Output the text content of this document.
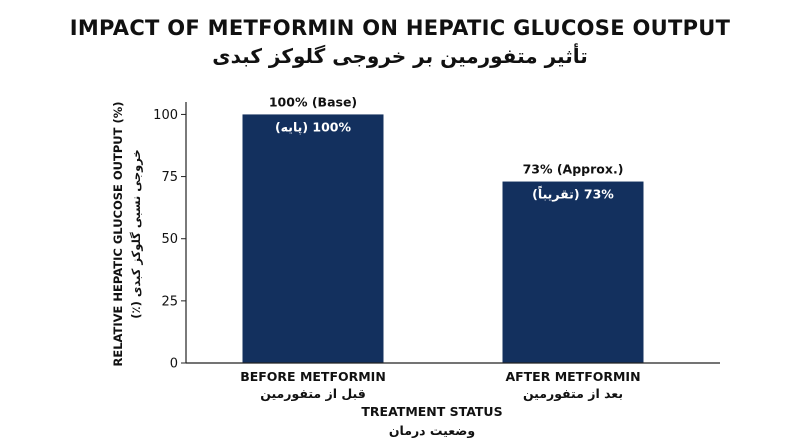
IMPACT OF METFORMIN ON HEPATIC GLUCOSE OUTPUT
تأثیر متفورمین بر خروجی گلوکز کبدی
0
25
50
75
100
100% (Base)
100% (پایه)
73% (Approx.)
73% (تقریباً)
BEFORE METFORMIN
قبل از متفورمین
AFTER METFORMIN
بعد از متفورمین
TREATMENT STATUS
وضعیت درمان
RELATIVE HEPATIC GLUCOSE OUTPUT (%) خروجی نسبی گلوکز کبدی (٪)
